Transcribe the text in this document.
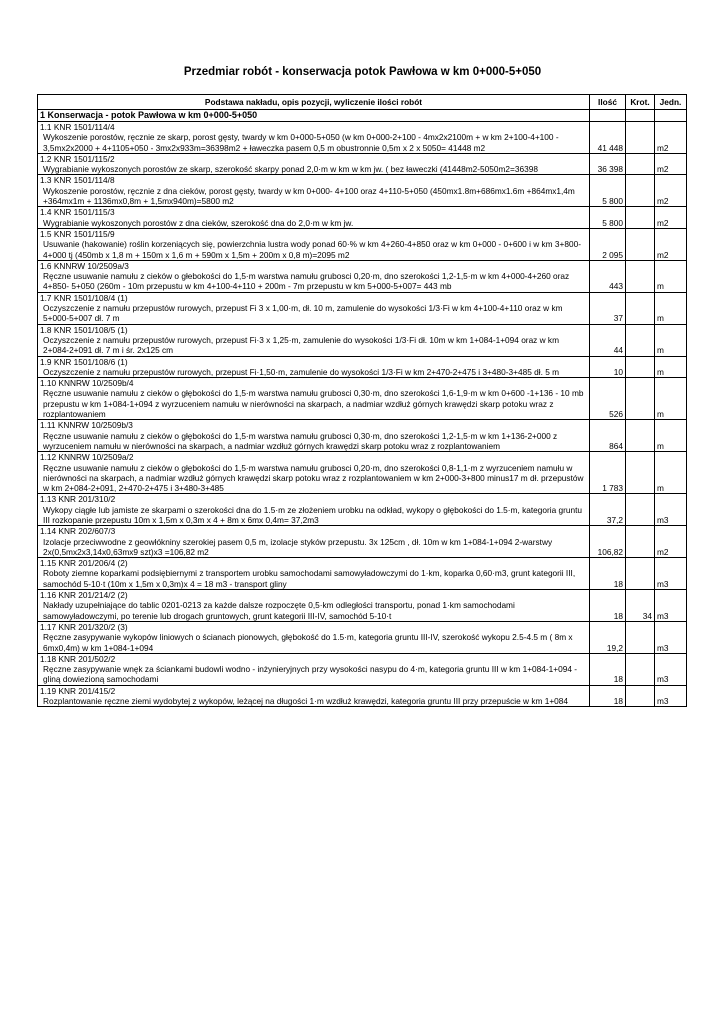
Przedmiar robót - konserwacja potok Pawłowa w km 0+000-5+050
Podstawa nakładu, opis pozycji, wyliczenie ilości robót	Ilość	Krot.	Jedn.
1 Konserwacja - potok Pawłowa w km 0+000-5+050			

1.1 KNR 1501/114/4
Wykoszenie porostów, ręcznie ze skarp, porost gęsty, twardy w km 0+000-5+050 (w km 0+000-2+100 - 4mx2x2100m + w km 2+100-4+100 - 3,5mx2x2000 + 4+1105+050 - 3mx2x933m=36398m2 + ławeczka pasem 0,5 m obustronnie 0,5m x 2 x 5050= 41448 m2	41 448		m2

1.2 KNR 1501/115/2
Wygrabianie wykoszonych porostów ze skarp, szerokość skarpy ponad 2,0·m w km w km jw. ( bez ławeczki (41448m2-5050m2=36398	36 398		m2

1.3 KNR 1501/114/8
Wykoszenie porostów, ręcznie z dna cieków, porost gęsty, twardy w km 0+000- 4+100 oraz 4+110-5+050 (450mx1.8m+686mx1.6m +864mx1,4m +364mx1m + 1136mx0,8m + 1,5mx940m)=5800 m2	5 800		m2

1.4 KNR 1501/115/3
Wygrabianie wykoszonych porostów z dna cieków, szerokość dna do 2,0·m w km jw.	5 800		m2

1.5 KNR 1501/115/9
Usuwanie (hakowanie) roślin korzeniących się, powierzchnia lustra wody ponad 60·% w km 4+260-4+850 oraz w km 0+000 - 0+600 i w km 3+800-4+000 tj (450mb x 1,8 m + 150m x 1,6 m + 590m x 1,5m + 200m x 0,8 m)=2095 m2	2 095		m2

1.6 KNNRW 10/2509a/3
Ręczne usuwanie namułu z cieków o głebokości do 1,5·m warstwa namułu grubosci 0,20·m, dno szerokości 1,2-1,5·m w km 4+000-4+260 oraz 4+850- 5+050 (260m - 10m przepustu w km 4+100-4+110 + 200m - 7m przepustu w km 5+000-5+007= 443 mb	443		m

1.7 KNR 1501/108/4 (1)
Oczyszczenie z namułu przepustów rurowych, przepust Fi 3 x 1,00·m, dł. 10 m, zamulenie do wysokości 1/3·Fi w km 4+100-4+110 oraz w km 5+000-5+007 dł. 7 m	37		m

1.8 KNR 1501/108/5 (1)
Oczyszczenie z namułu przepustów rurowych, przepust Fi·3 x 1,25·m, zamulenie do wysokości 1/3·Fi dł. 10m w km 1+084-1+094 oraz w km 2+084-2+091 dł. 7 m i śr. 2x125 cm	44		m

1.9 KNR 1501/108/6 (1)
Oczyszczenie z namułu przepustów rurowych, przepust Fi·1,50·m, zamulenie do wysokości 1/3·Fi w km 2+470-2+475 i 3+480-3+485 dł. 5 m	10		m

1.10 KNNRW 10/2509b/4
Ręczne usuwanie namułu z cieków o głębokości do 1,5·m warstwa namułu grubosci 0,30·m, dno szerokości 1,6-1,9·m w km 0+600 -1+136 - 10 mb przepustu w km 1+084-1+094 z wyrzuceniem namułu w nierówności na skarpach, a nadmiar wzdłuż górnych krawędzi skarp potoku wraz z rozplantowaniem	526		m

1.11 KNNRW 10/2509b/3
Ręczne usuwanie namułu z cieków o głębokości do 1,5·m warstwa namułu grubosci 0,30·m, dno szerokości 1,2-1,5·m w km 1+136-2+000 z wyrzuceniem namułu w nierówności na skarpach, a nadmiar wzdłuż górnych krawędzi skarp potoku wraz z rozplantowaniem	864		m

1.12 KNNRW 10/2509a/2
Ręczne usuwanie namułu z cieków o głębokości do 1,5·m warstwa namułu grubosci 0,20·m, dno szerokości 0,8-1,1·m z wyrzuceniem namułu w nierówności na skarpach, a nadmiar wzdłuż górnych krawędzi skarp potoku wraz z rozplantowaniem w km 2+000-3+800 minus17 m dł. przepustów w km 2+084-2+091, 2+470-2+475 i 3+480-3+485	1 783		m

1.13 KNR 201/310/2
Wykopy ciągłe lub jamiste ze skarpami o szerokości dna do 1.5·m ze złożeniem urobku na odkład, wykopy o głębokości do 1.5·m, kategoria gruntu III rozkopanie przepustu 10m x 1,5m x 0,3m x 4 + 8m x 6mx 0,4m= 37,2m3	37,2		m3

1.14 KNR 202/607/3
Izolacje przeciwwodne z geowłókniny szerokiej pasem 0,5 m, izolacje styków przepustu. 3x 125cm , dł. 10m w km 1+084-1+094 2-warstwy 2x(0,5mx2x3,14x0,63mx9 szt)x3 =106,82 m2	106,82		m2

1.15 KNR 201/206/4 (2)
Roboty ziemne koparkami podsiębiernymi z transportem urobku samochodami samowyładowczymi do 1·km, koparka 0,60·m3, grunt kategorii III, samochód 5-10·t (10m x 1,5m x 0,3m)x 4 = 18 m3 - transport gliny	18		m3

1.16 KNR 201/214/2 (2)
Nakłady uzupełniające do tablic 0201-0213 za każde dalsze rozpoczęte 0,5·km odległości transportu, ponad 1·km samochodami samowyładowczymi, po terenie lub drogach gruntowych, grunt kategorii III-IV, samochód 5-10·t	18	34	m3

1.17 KNR 201/320/2 (3)
Ręczne zasypywanie wykopów liniowych o ścianach pionowych, głębokość do 1.5·m, kategoria gruntu III-IV, szerokość wykopu 2.5-4.5 m ( 8m x 6mx0,4m) w km 1+084-1+094	19,2		m3

1.18 KNR 201/502/2
Ręczne zasypywanie wnęk za ściankami budowli wodno - inżynieryjnych przy wysokości nasypu do 4·m, kategoria gruntu III w km 1+084-1+094 - gliną dowiezioną samochodami	18		m3

1.19 KNR 201/415/2
Rozplantowanie ręczne ziemi wydobytej z wykopów, leżącej na długości 1·m wzdłuż krawędzi, kategoria gruntu III przy przepuście w km 1+084	18		m3
